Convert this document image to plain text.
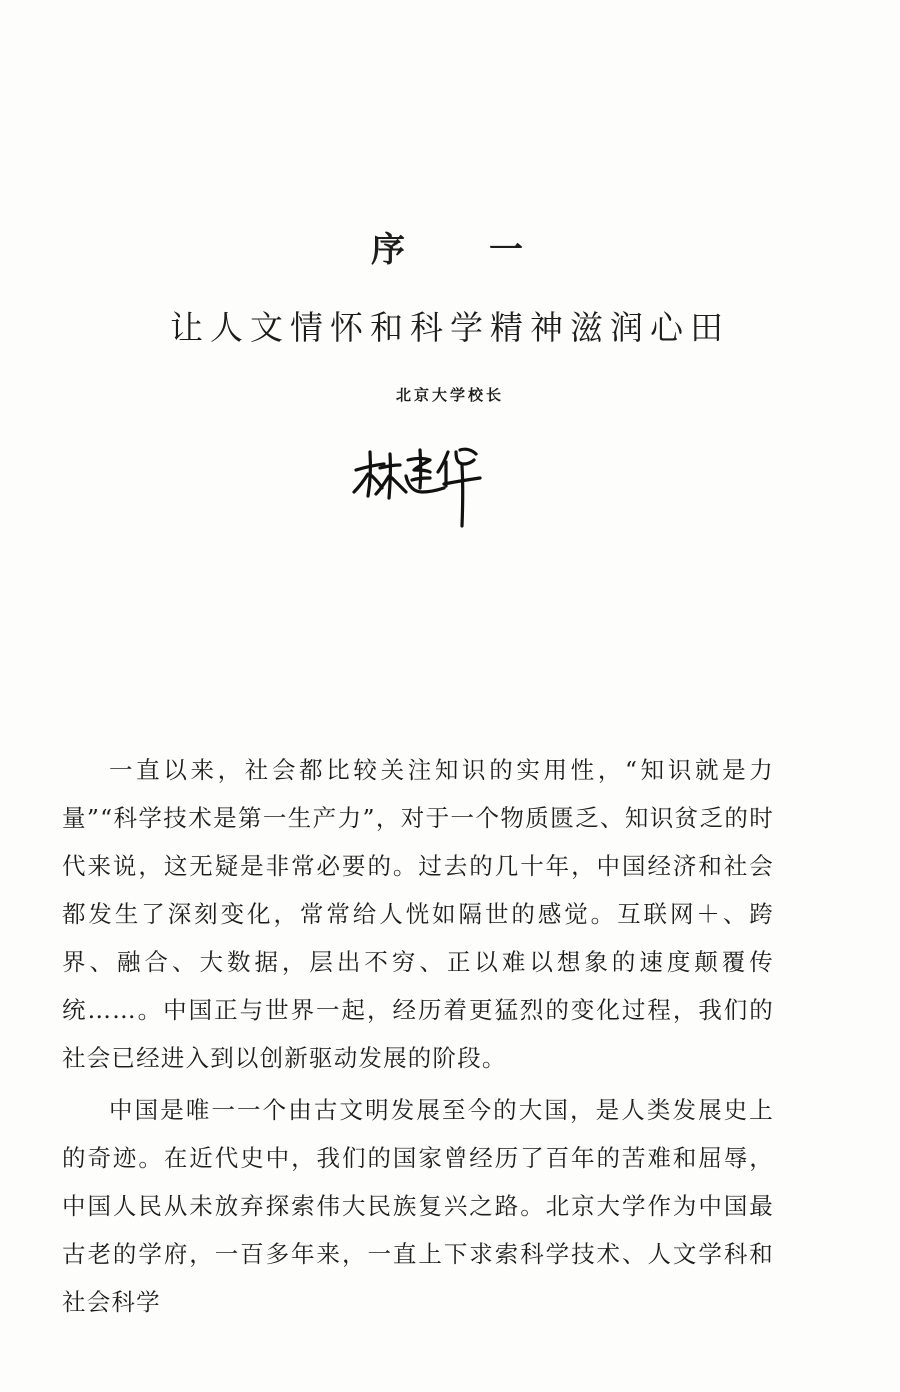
序 一
让人文情怀和科学精神滋润心田
北京大学校长

一直以来，社会都比较关注知识的实用性，“知识就是力量”“科学技术是第一生产力”，对于一个物质匮乏、知识贫乏的时代来说，这无疑是非常必要的。过去的几十年，中国经济和社会都发生了深刻变化，常常给人恍如隔世的感觉。互联网＋、跨界、融合、大数据，层出不穷、正以难以想象的速度颠覆传统……。中国正与世界一起，经历着更猛烈的变化过程，我们的社会已经进入到以创新驱动发展的阶段。

中国是唯一一个由古文明发展至今的大国，是人类发展史上的奇迹。在近代史中，我们的国家曾经历了百年的苦难和屈辱，中国人民从未放弃探索伟大民族复兴之路。北京大学作为中国最古老的学府，一百多年来，一直上下求索科学技术、人文学科和社会科学
